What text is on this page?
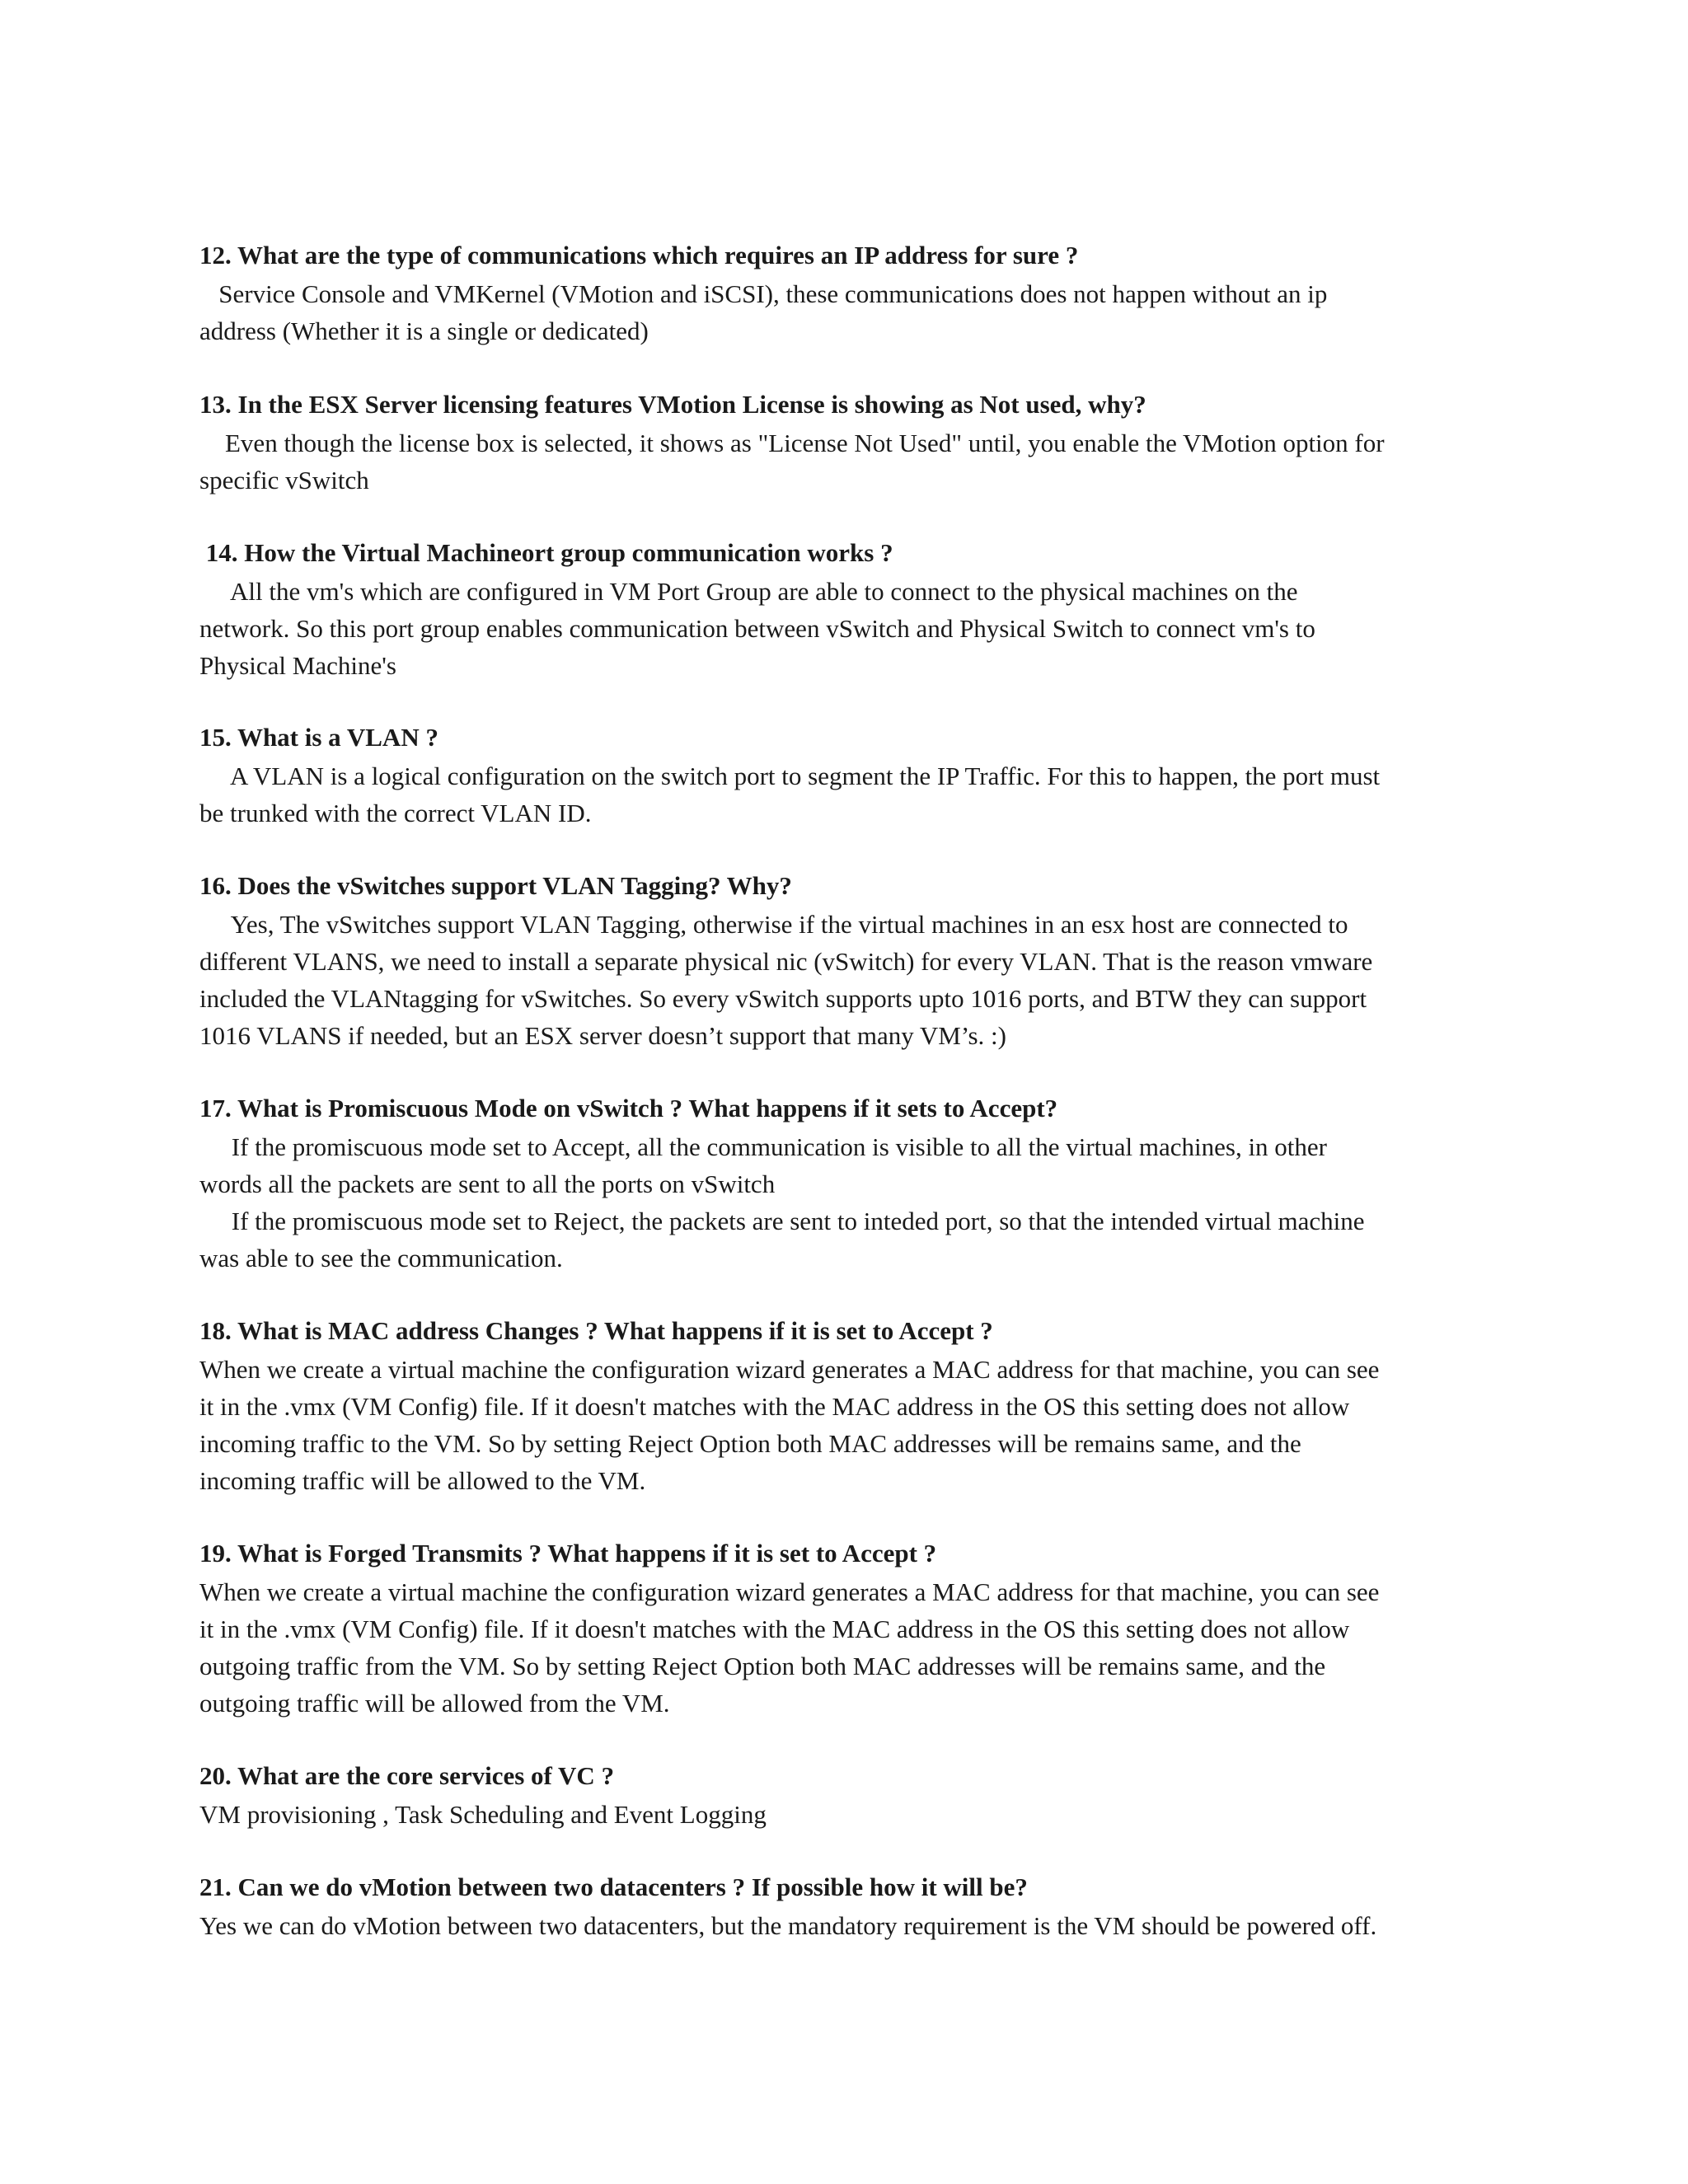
12. What are the type of communications which requires an IP address for sure ?

Service Console and VMKernel (VMotion and iSCSI), these communications does not happen without an ip
address (Whether it is a single or dedicated)

13. In the ESX Server licensing features VMotion License is showing as Not used, why?

Even though the license box is selected, it shows as "License Not Used" until, you enable the VMotion option for
specific vSwitch

14. How the Virtual Machineort group communication works ?

All the vm's which are configured in VM Port Group are able to connect to the physical machines on the
network. So this port group enables communication between vSwitch and Physical Switch to connect vm's to
Physical Machine's

15. What is a VLAN ?

A VLAN is a logical configuration on the switch port to segment the IP Traffic. For this to happen, the port must
be trunked with the correct VLAN ID.

16. Does the vSwitches support VLAN Tagging? Why?

Yes, The vSwitches support VLAN Tagging, otherwise if the virtual machines in an esx host are connected to
different VLANS, we need to install a separate physical nic (vSwitch) for every VLAN. That is the reason vmware
included the VLANtagging for vSwitches. So every vSwitch supports upto 1016 ports, and BTW they can support
1016 VLANS if needed, but an ESX server doesn’t support that many VM’s. :)

17. What is Promiscuous Mode on vSwitch ? What happens if it sets to Accept?

If the promiscuous mode set to Accept, all the communication is visible to all the virtual machines, in other
words all the packets are sent to all the ports on vSwitch
If the promiscuous mode set to Reject, the packets are sent to inteded port, so that the intended virtual machine
was able to see the communication.

18. What is MAC address Changes ? What happens if it is set to Accept ?

When we create a virtual machine the configuration wizard generates a MAC address for that machine, you can see
it in the .vmx (VM Config) file. If it doesn't matches with the MAC address in the OS this setting does not allow
incoming traffic to the VM. So by setting Reject Option both MAC addresses will be remains same, and the
incoming traffic will be allowed to the VM.

19. What is Forged Transmits ? What happens if it is set to Accept ?

When we create a virtual machine the configuration wizard generates a MAC address for that machine, you can see
it in the .vmx (VM Config) file. If it doesn't matches with the MAC address in the OS this setting does not allow
outgoing traffic from the VM. So by setting Reject Option both MAC addresses will be remains same, and the
outgoing traffic will be allowed from the VM.

20. What are the core services of VC ?

VM provisioning , Task Scheduling and Event Logging

21. Can we do vMotion between two datacenters ? If possible how it will be?

Yes we can do vMotion between two datacenters, but the mandatory requirement is the VM should be powered off.
